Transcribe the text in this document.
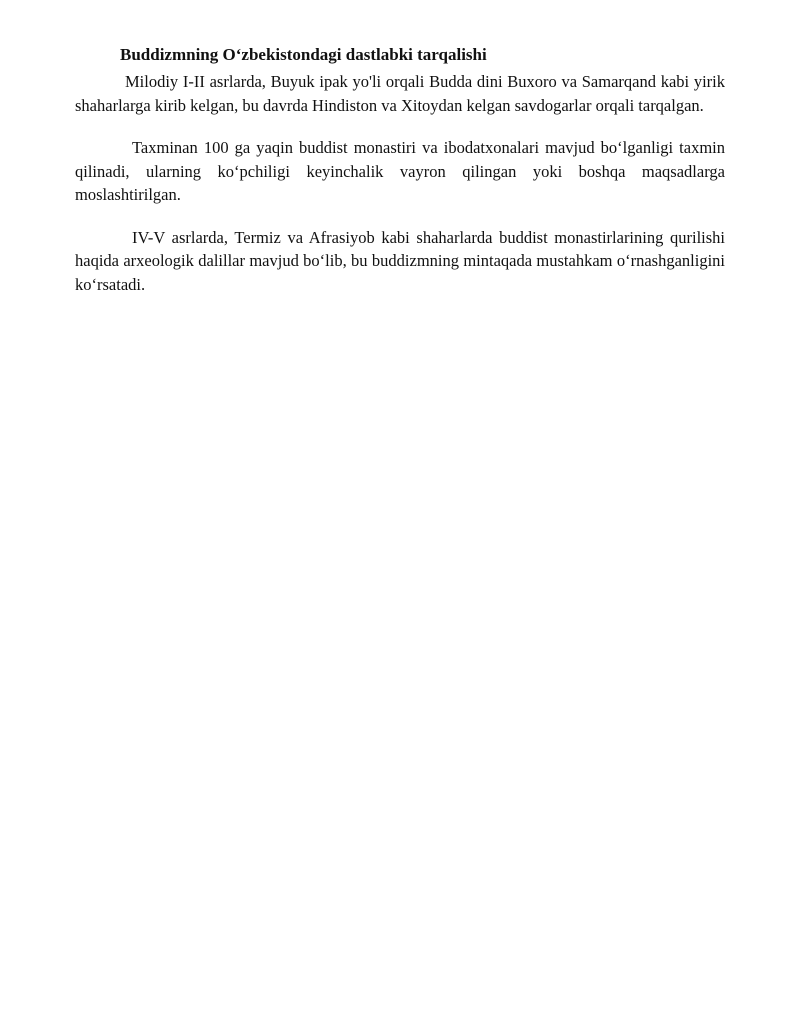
Buddizmning O‘zbekistondagi dastlabki tarqalishi

Milodiy I-II asrlarda, Buyuk ipak yo'li orqali Budda dini Buxoro va Samarqand kabi yirik shaharlarga kirib kelgan, bu davrda Hindiston va Xitoydan kelgan savdogarlar orqali tarqalgan.

Taxminan 100 ga yaqin buddist monastiri va ibodatxonalari mavjud bo‘lganligi taxmin qilinadi, ularning ko‘pchiligi keyinchalik vayron qilingan yoki boshqa maqsadlarga moslashtirilgan.

IV-V asrlarda, Termiz va Afrasiyob kabi shaharlarda buddist monastirlarining qurilishi haqida arxeologik dalillar mavjud bo‘lib, bu buddizmning mintaqada mustahkam o‘rnashganligini ko‘rsatadi.
